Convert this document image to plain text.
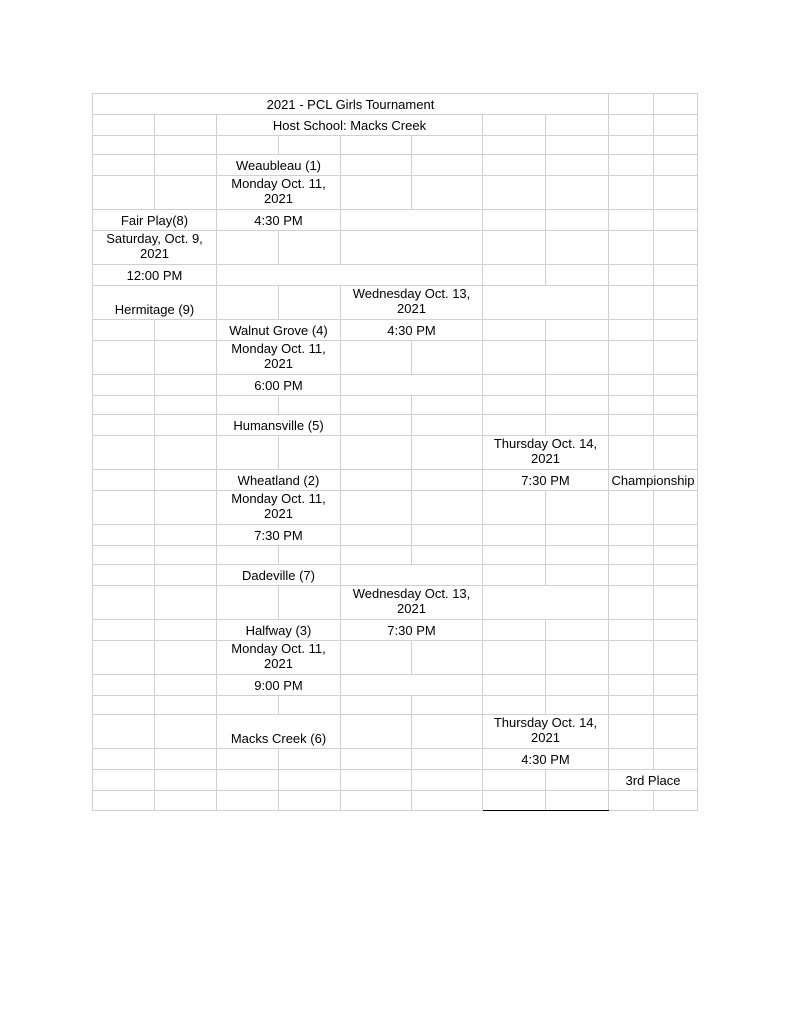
2021 - PCL Girls Tournament									
		Host School: Macks Creek							

		Weaubleau (1)							
		Monday Oct. 11, 2021							
Fair Play(8)		4:30 PM							
Saturday, Oct. 9, 2021									
12:00 PM									
Hermitage (9)				Wednesday Oct. 13, 2021					
		Walnut Grove (4)		4:30 PM					
		Monday Oct. 11, 2021							
		6:00 PM							

		Humansville (5)							
						Thursday Oct. 14, 2021			
		Wheatland (2)				7:30 PM		Championship	
		Monday Oct. 11, 2021							
		7:30 PM							

		Dadeville (7)							
				Wednesday Oct. 13, 2021					
		Halfway (3)		7:30 PM					
		Monday Oct. 11, 2021							
		9:00 PM							

		Macks Creek (6)				Thursday Oct. 14, 2021			
						4:30 PM			
								3rd Place	
